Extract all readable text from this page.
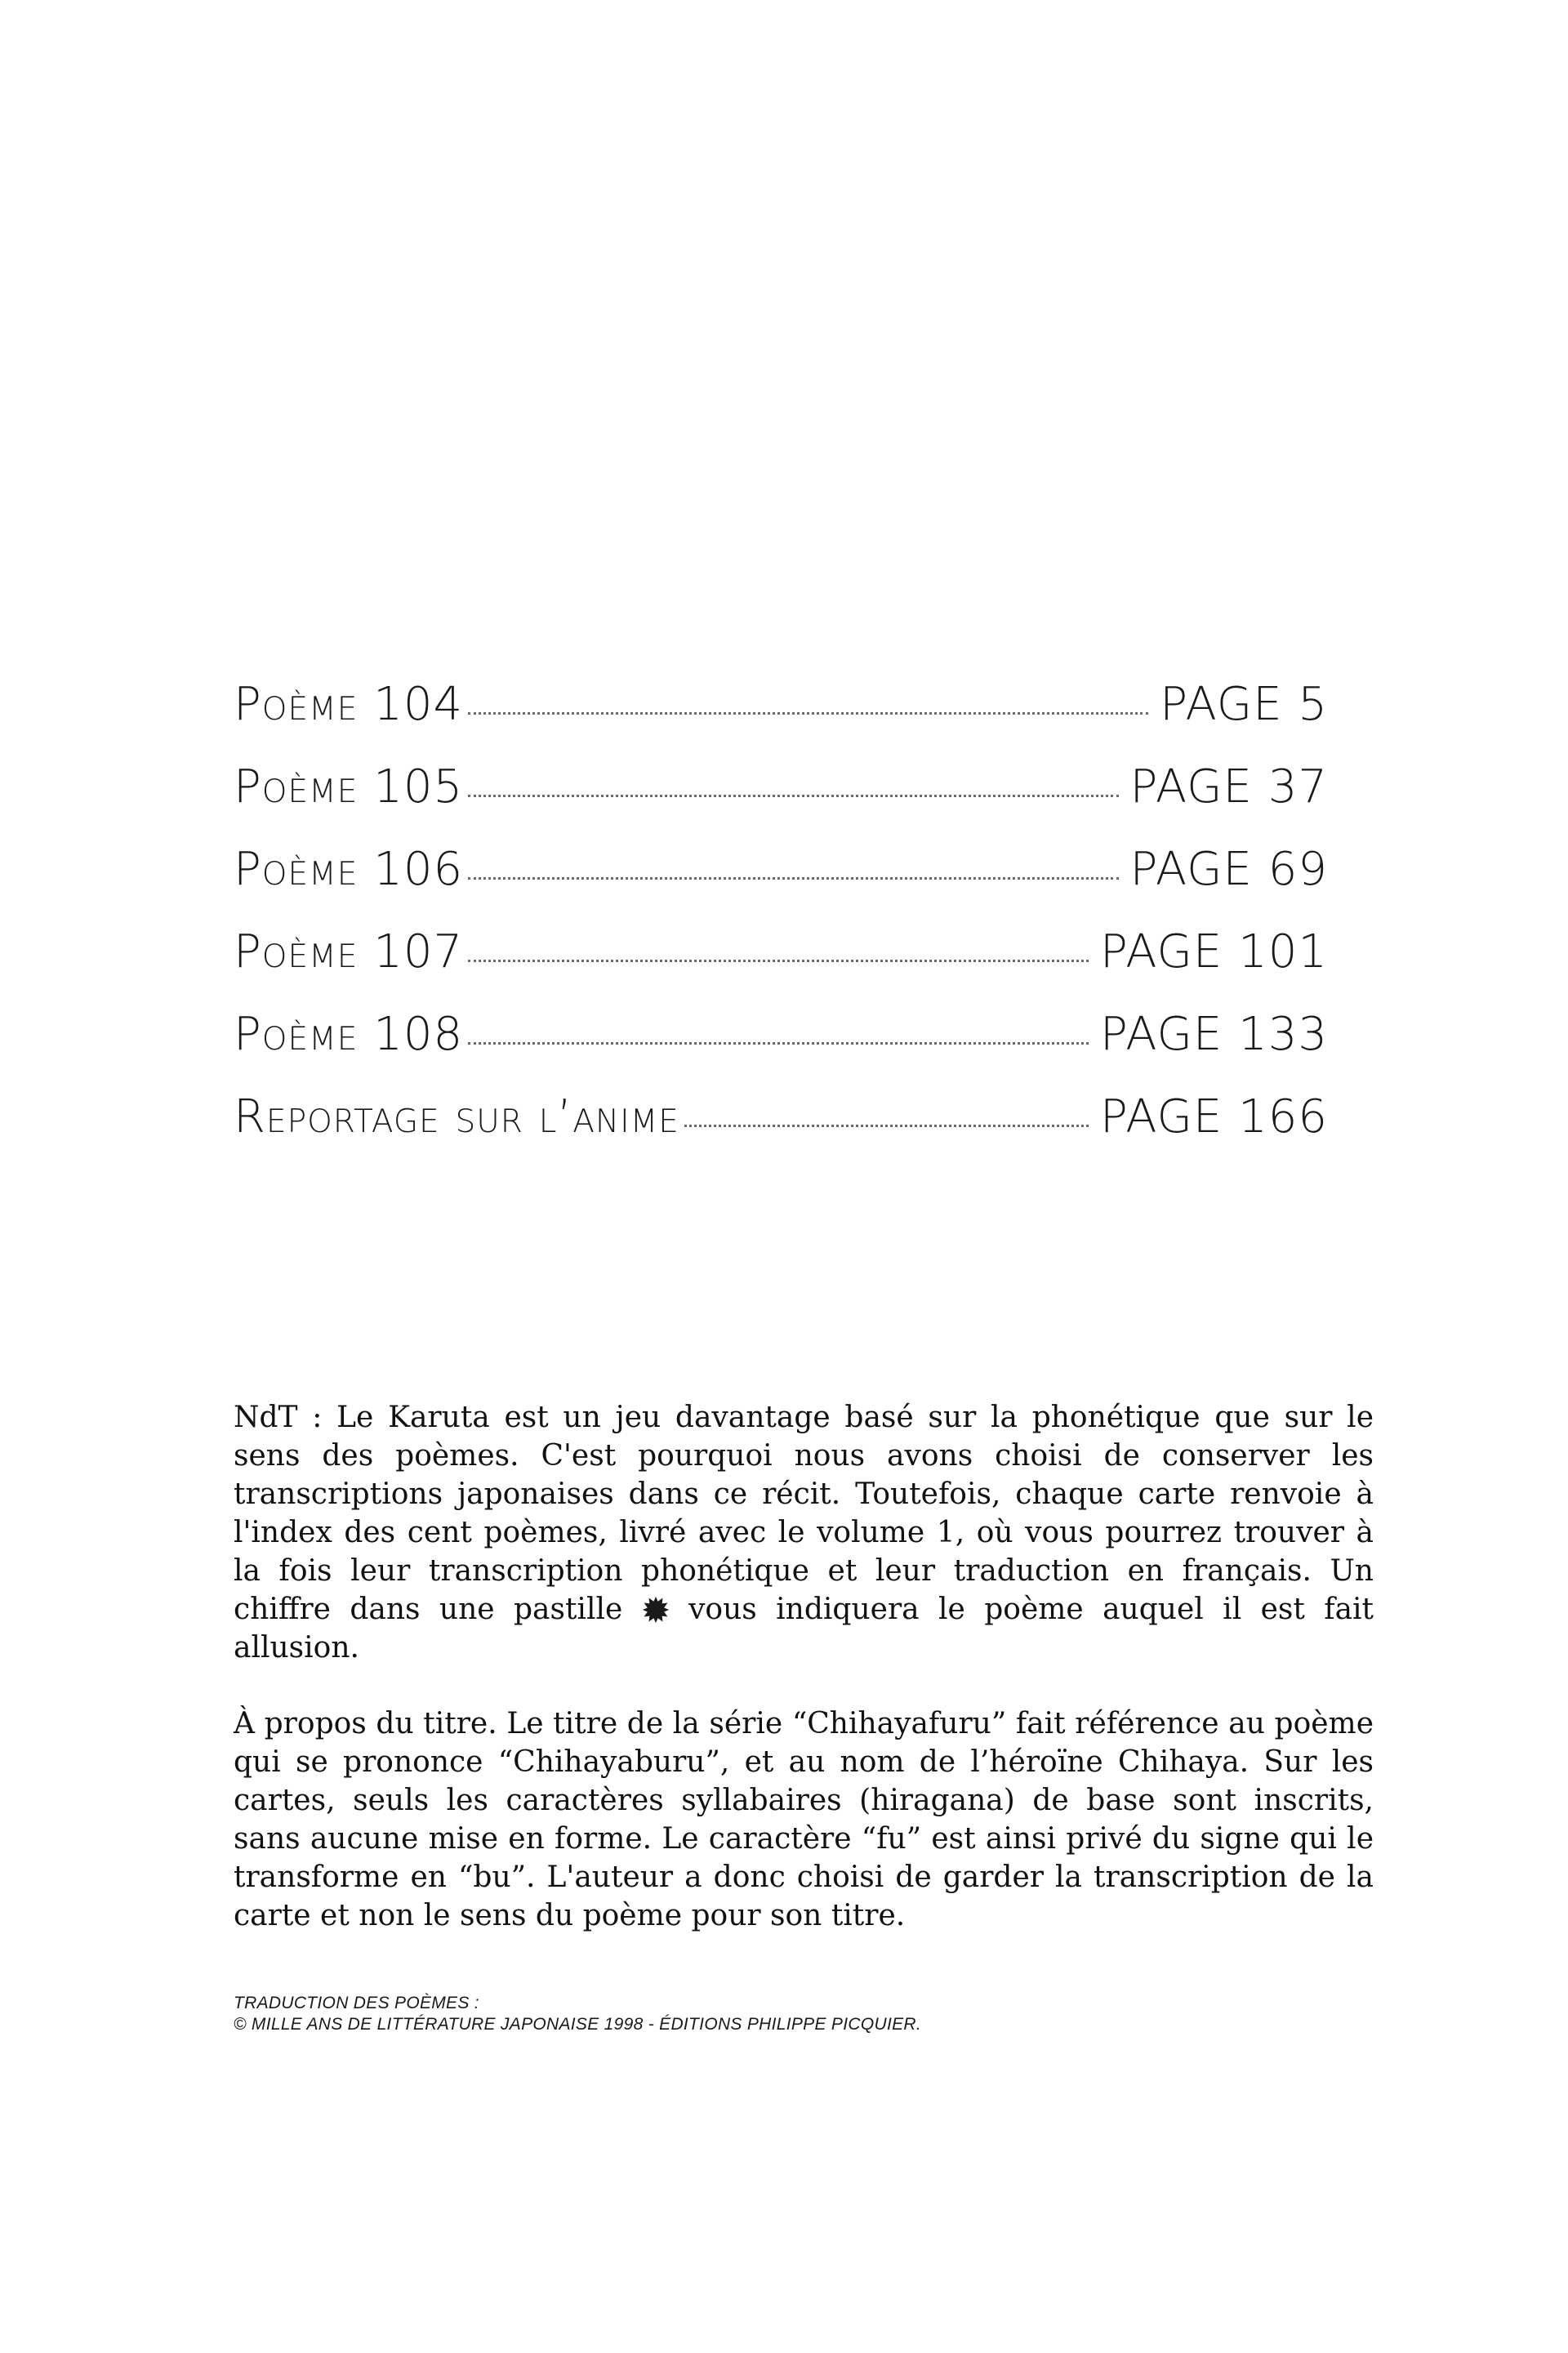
Poème 104	PAGE 5
Poème 105	PAGE 37
Poème 106	PAGE 69
Poème 107	PAGE 101
Poème 108	PAGE 133
Reportage sur l’anime	PAGE 166

NdT : Le Karuta est un jeu davantage basé sur la phonétique que sur le sens des poèmes. C'est pourquoi nous avons choisi de conserver les transcriptions japonaises dans ce récit. Toutefois, chaque carte renvoie à l'index des cent poèmes, livré avec le volume 1, où vous pourrez trouver à la fois leur transcription phonétique et leur traduction en français. Un chiffre dans une pastille vous indiquera le poème auquel il est fait allusion.

À propos du titre. Le titre de la série “Chihayafuru” fait référence au poème qui se prononce “Chihayaburu”, et au nom de l’héroïne Chihaya. Sur les cartes, seuls les caractères syllabaires (hiragana) de base sont inscrits, sans aucune mise en forme. Le caractère “fu” est ainsi privé du signe qui le transforme en “bu”. L'auteur a donc choisi de garder la transcription de la carte et non le sens du poème pour son titre.

TRADUCTION DES POÈMES :
© MILLE ANS DE LITTÉRATURE JAPONAISE 1998 - ÉDITIONS PHILIPPE PICQUIER.
